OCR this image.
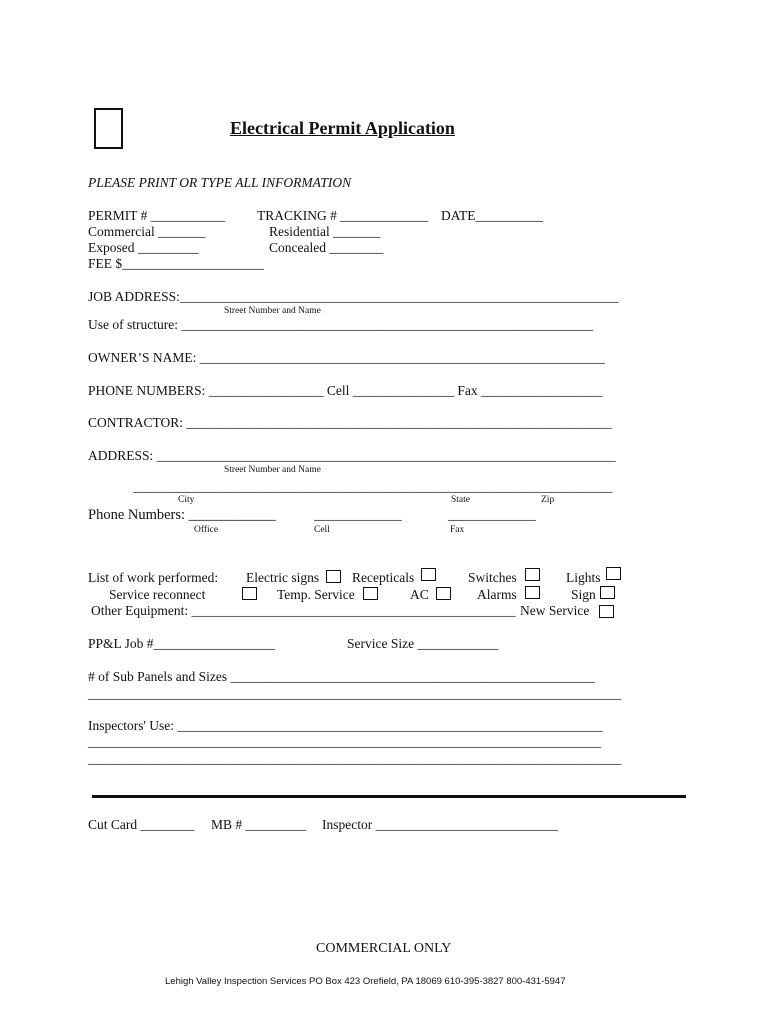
Electrical Permit Application
PLEASE PRINT OR TYPE ALL INFORMATION
PERMIT # ___________ TRACKING # _____________ DATE__________
Commercial _______	Residential _______
Exposed _________	Concealed ________
FEE $_____________________
JOB ADDRESS:_________________________________________________________________
Street Number and Name
Use of structure: _____________________________________________________________
OWNER’S NAME: ____________________________________________________________
PHONE NUMBERS: _________________ Cell _______________ Fax __________________
CONTRACTOR: _______________________________________________________________
ADDRESS: ____________________________________________________________________
Street Number and Name
_______________________________________________________________________
City	State	Zip
Phone Numbers: ____________	_____________	_____________
Office	Cell	Fax
List of work performed: Electric signs Recepticals	Switches	Lights
Service reconnect	Temp. Service	AC	Alarms	Sign
Other Equipment: ________________________________________________ New Service
PP&L Job #__________________	Service Size ____________
# of Sub Panels and Sizes ______________________________________________________
_______________________________________________________________________________
Inspectors' Use: _______________________________________________________________
____________________________________________________________________________
_______________________________________________________________________________
Cut Card ________ MB # _________ Inspector ___________________________
COMMERCIAL ONLY
Lehigh Valley Inspection Services PO Box 423 Orefield, PA 18069 610-395-3827 800-431-5947
